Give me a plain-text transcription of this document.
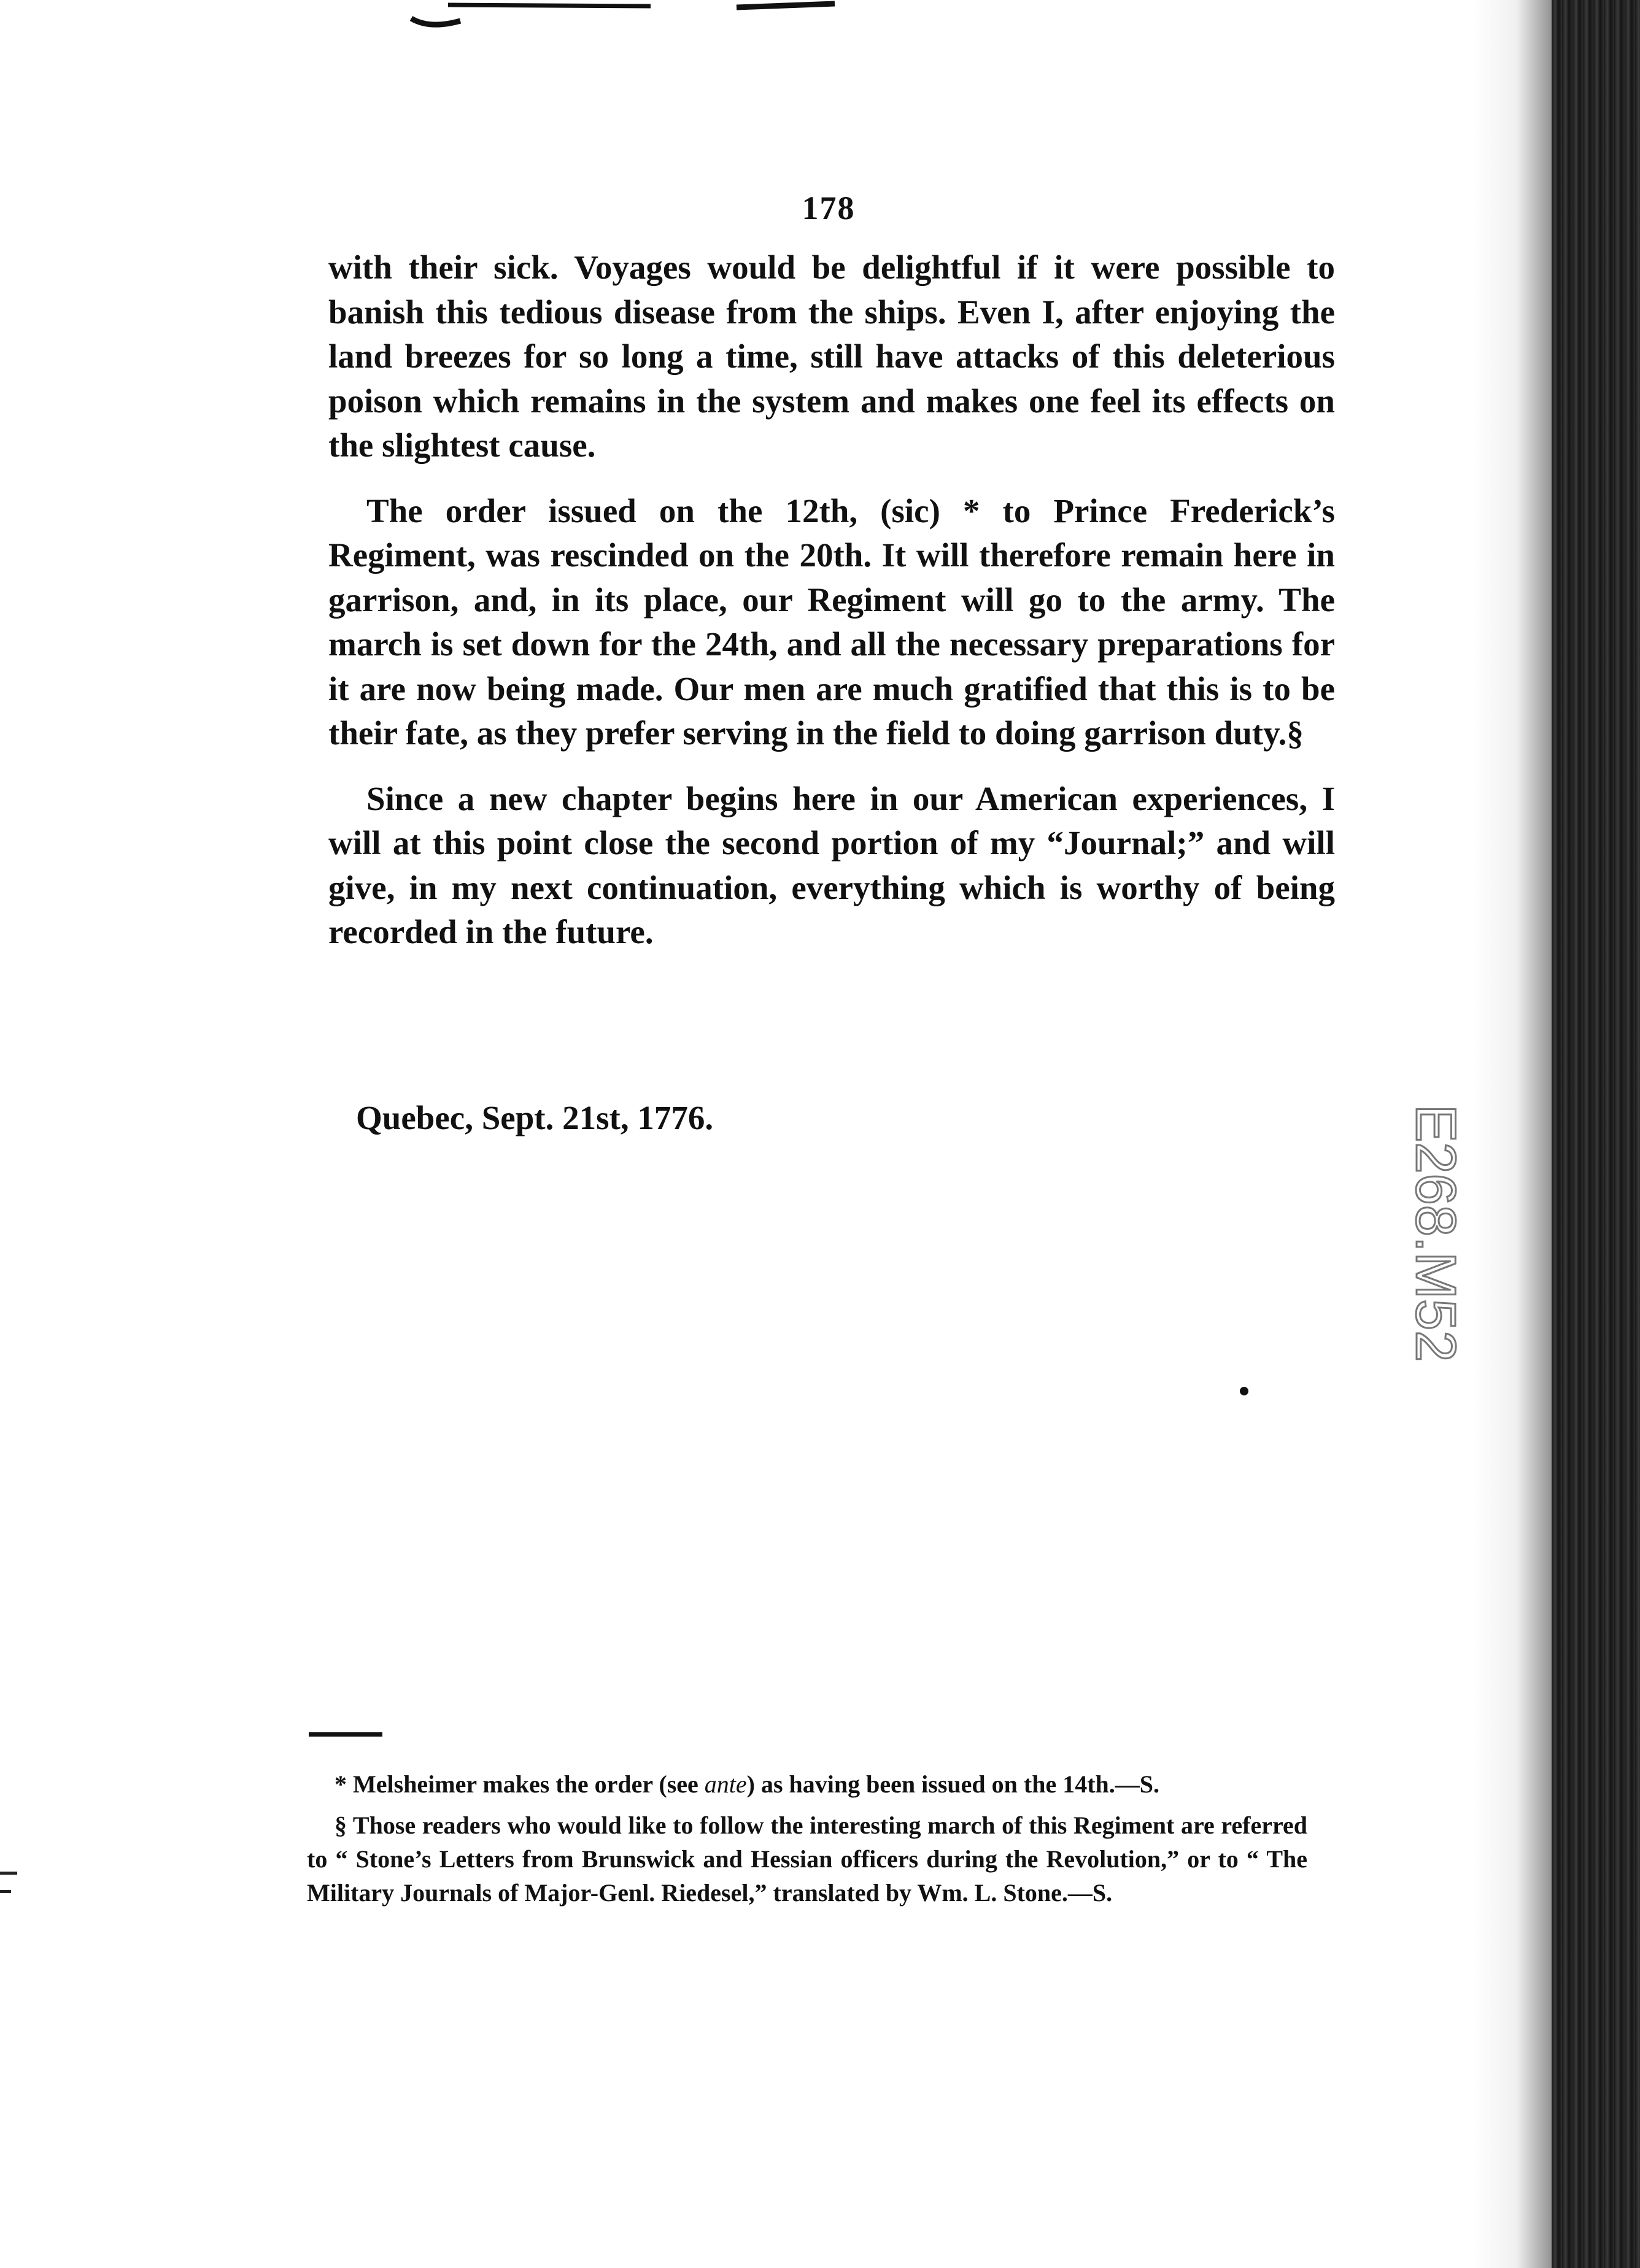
178

with their sick. Voyages would be delightful if it were possible to banish this tedious disease from the ships. Even I, after enjoying the land breezes for so long a time, still have attacks of this deleterious poison which remains in the system and makes one feel its effects on the slightest cause.

The order issued on the 12th, (sic) * to Prince Frederick’s Regiment, was rescinded on the 20th. It will therefore remain here in garrison, and, in its place, our Regiment will go to the army. The march is set down for the 24th, and all the necessary preparations for it are now being made. Our men are much gratified that this is to be their fate, as they prefer serving in the field to doing garrison duty.§

Since a new chapter begins here in our American experiences, I will at this point close the second portion of my “Journal;” and will give, in my next continuation, everything which is worthy of being recorded in the future.

Quebec, Sept. 21st, 1776.	E268.M52

* Melsheimer makes the order (see ante) as having been issued on the 14th.—S.

§ Those readers who would like to follow the interesting march of this Regiment are referred to “ Stone’s Letters from Brunswick and Hessian officers during the Revolution,” or to “ The Military Journals of Major-Genl. Riedesel,” translated by Wm. L. Stone.—S.
